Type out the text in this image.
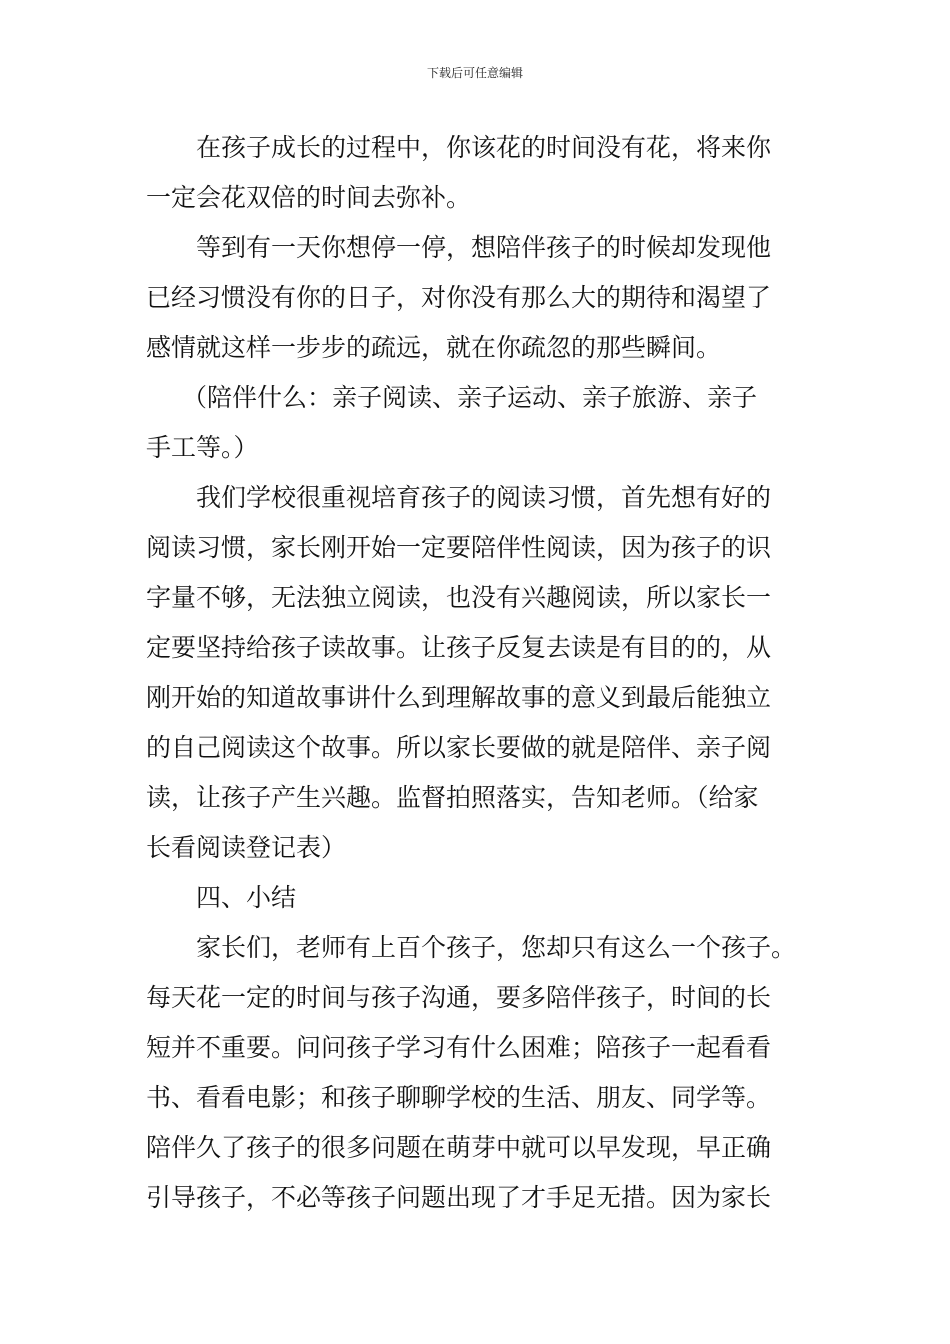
下载后可任意编辑

在孩子成长的过程中，你该花的时间没有花，将来你

一定会花双倍的时间去弥补。

等到有一天你想停一停，想陪伴孩子的时候却发现他

已经习惯没有你的日子，对你没有那么大的期待和渴望了

感情就这样一步步的疏远，就在你疏忽的那些瞬间。

（陪伴什么：亲子阅读、亲子运动、亲子旅游、亲子

手工等。）

我们学校很重视培育孩子的阅读习惯，首先想有好的

阅读习惯，家长刚开始一定要陪伴性阅读，因为孩子的识

字量不够，无法独立阅读，也没有兴趣阅读，所以家长一

定要坚持给孩子读故事。让孩子反复去读是有目的的，从

刚开始的知道故事讲什么到理解故事的意义到最后能独立

的自己阅读这个故事。所以家长要做的就是陪伴、亲子阅

读，让孩子产生兴趣。监督拍照落实，告知老师。（给家

长看阅读登记表）

四、小结

家长们，老师有上百个孩子，您却只有这么一个孩子。

每天花一定的时间与孩子沟通，要多陪伴孩子，时间的长

短并不重要。问问孩子学习有什么困难；陪孩子一起看看

书、看看电影；和孩子聊聊学校的生活、朋友、同学等。

陪伴久了孩子的很多问题在萌芽中就可以早发现，早正确

引导孩子，不必等孩子问题出现了才手足无措。因为家长
